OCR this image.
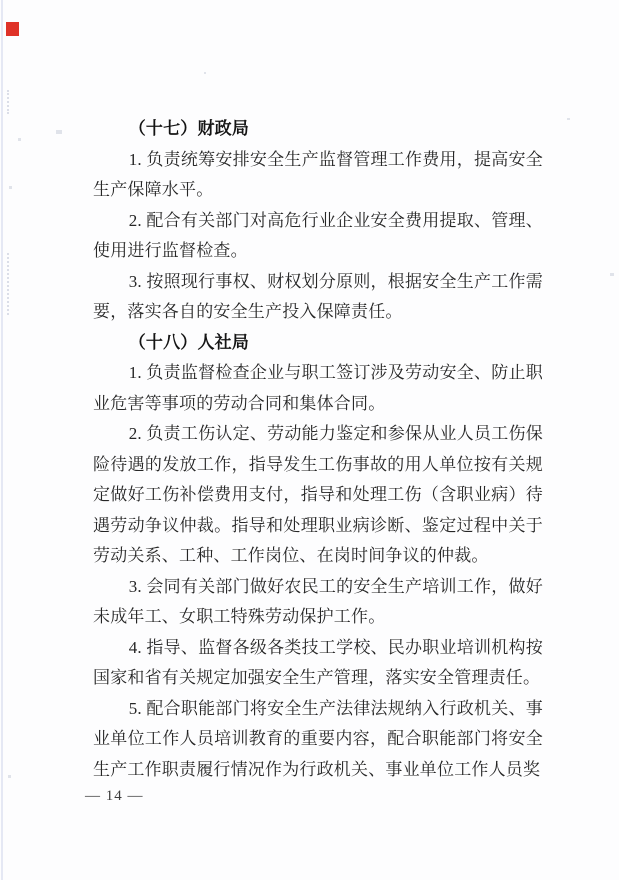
（十七）财政局

1. 负责统筹安排安全生产监督管理工作费用，提高安全生产保障水平。

2. 配合有关部门对高危行业企业安全费用提取、管理、使用进行监督检查。

3. 按照现行事权、财权划分原则，根据安全生产工作需要，落实各自的安全生产投入保障责任。

（十八）人社局

1. 负责监督检查企业与职工签订涉及劳动安全、防止职业危害等事项的劳动合同和集体合同。

2. 负责工伤认定、劳动能力鉴定和参保从业人员工伤保险待遇的发放工作，指导发生工伤事故的用人单位按有关规定做好工伤补偿费用支付，指导和处理工伤（含职业病）待遇劳动争议仲裁。指导和处理职业病诊断、鉴定过程中关于劳动关系、工种、工作岗位、在岗时间争议的仲裁。

3. 会同有关部门做好农民工的安全生产培训工作，做好未成年工、女职工特殊劳动保护工作。

4. 指导、监督各级各类技工学校、民办职业培训机构按国家和省有关规定加强安全生产管理，落实安全管理责任。

5. 配合职能部门将安全生产法律法规纳入行政机关、事业单位工作人员培训教育的重要内容，配合职能部门将安全生产工作职责履行情况作为行政机关、事业单位工作人员奖

— 14 —
